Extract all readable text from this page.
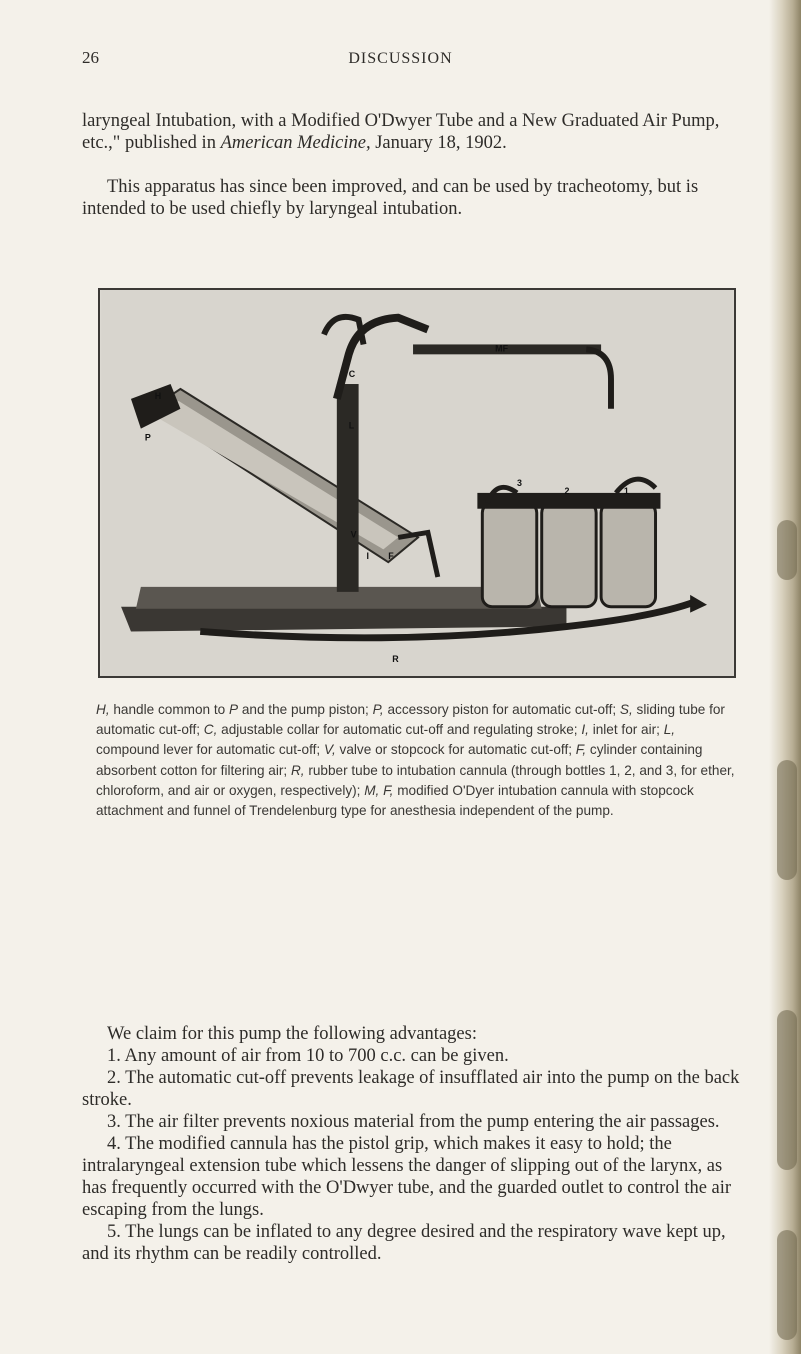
26	DISCUSSION

laryngeal Intubation, with a Modified O'Dwyer Tube and a New Graduated Air Pump, etc.," published in American Medicine, January 18, 1902.

This apparatus has since been improved, and can be used by tracheotomy, but is intended to be used chiefly by laryngeal intubation.

MF
H
P
C
L
V
I F
3
2	1
R

H, handle common to P and the pump piston; P, accessory piston for automatic cut-off; S, sliding tube for automatic cut-off; C, adjustable collar for automatic cut-off and regulating stroke; I, inlet for air; L, compound lever for automatic cut-off; V, valve or stopcock for automatic cut-off; F, cylinder containing absorbent cotton for filtering air; R, rubber tube to intubation cannula (through bottles 1, 2, and 3, for ether, chloroform, and air or oxygen, respectively); M, F, modified O'Dyer intubation cannula with stopcock attachment and funnel of Trendelenburg type for anesthesia independent of the pump.

We claim for this pump the following advantages:

1. Any amount of air from 10 to 700 c.c. can be given.

2. The automatic cut-off prevents leakage of insufflated air into the pump on the back stroke.

3. The air filter prevents noxious material from the pump entering the air passages.

4. The modified cannula has the pistol grip, which makes it easy to hold; the intralaryngeal extension tube which lessens the danger of slipping out of the larynx, as has frequently occurred with the O'Dwyer tube, and the guarded outlet to control the air escaping from the lungs.

5. The lungs can be inflated to any degree desired and the respiratory wave kept up, and its rhythm can be readily controlled.
